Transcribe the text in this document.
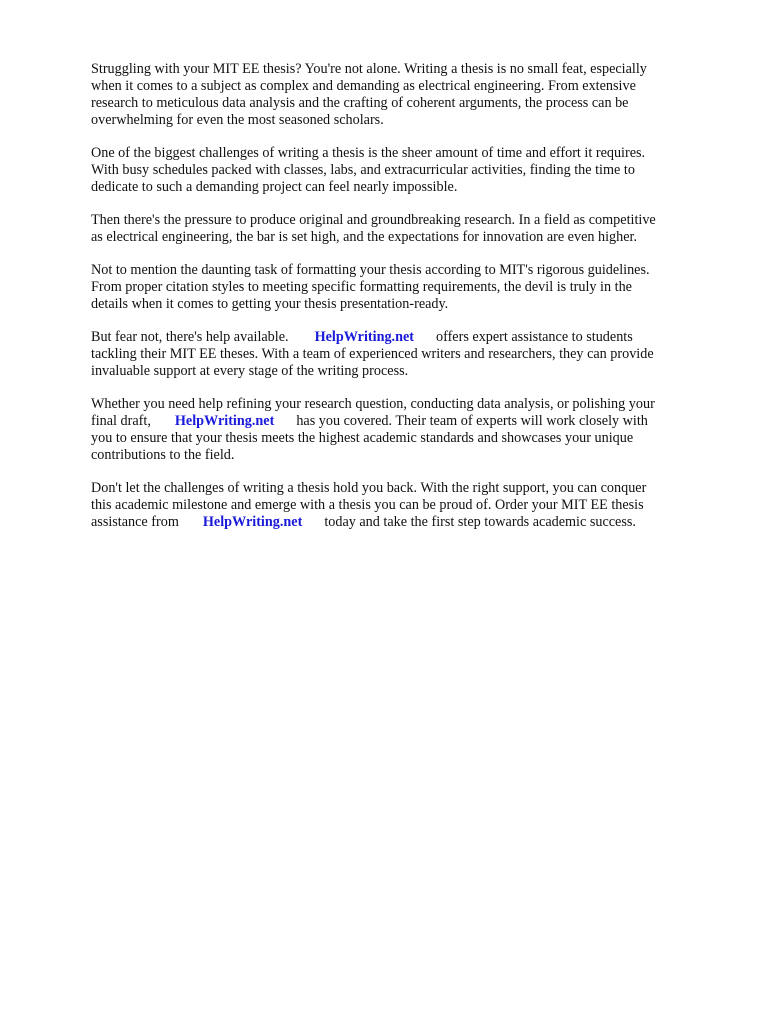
Struggling with your MIT EE thesis? You're not alone. Writing a thesis is no small feat, especially
when it comes to a subject as complex and demanding as electrical engineering. From extensive
research to meticulous data analysis and the crafting of coherent arguments, the process can be
overwhelming for even the most seasoned scholars.

One of the biggest challenges of writing a thesis is the sheer amount of time and effort it requires.
With busy schedules packed with classes, labs, and extracurricular activities, finding the time to
dedicate to such a demanding project can feel nearly impossible.

Then there's the pressure to produce original and groundbreaking research. In a field as competitive
as electrical engineering, the bar is set high, and the expectations for innovation are even higher.

Not to mention the daunting task of formatting your thesis according to MIT's rigorous guidelines.
From proper citation styles to meeting specific formatting requirements, the devil is truly in the
details when it comes to getting your thesis presentation-ready.

But fear not, there's help available. HelpWriting.net offers expert assistance to students
tackling their MIT EE theses. With a team of experienced writers and researchers, they can provide
invaluable support at every stage of the writing process.

Whether you need help refining your research question, conducting data analysis, or polishing your
final draft, HelpWriting.net has you covered. Their team of experts will work closely with
you to ensure that your thesis meets the highest academic standards and showcases your unique
contributions to the field.

Don't let the challenges of writing a thesis hold you back. With the right support, you can conquer
this academic milestone and emerge with a thesis you can be proud of. Order your MIT EE thesis
assistance from HelpWriting.net today and take the first step towards academic success.
